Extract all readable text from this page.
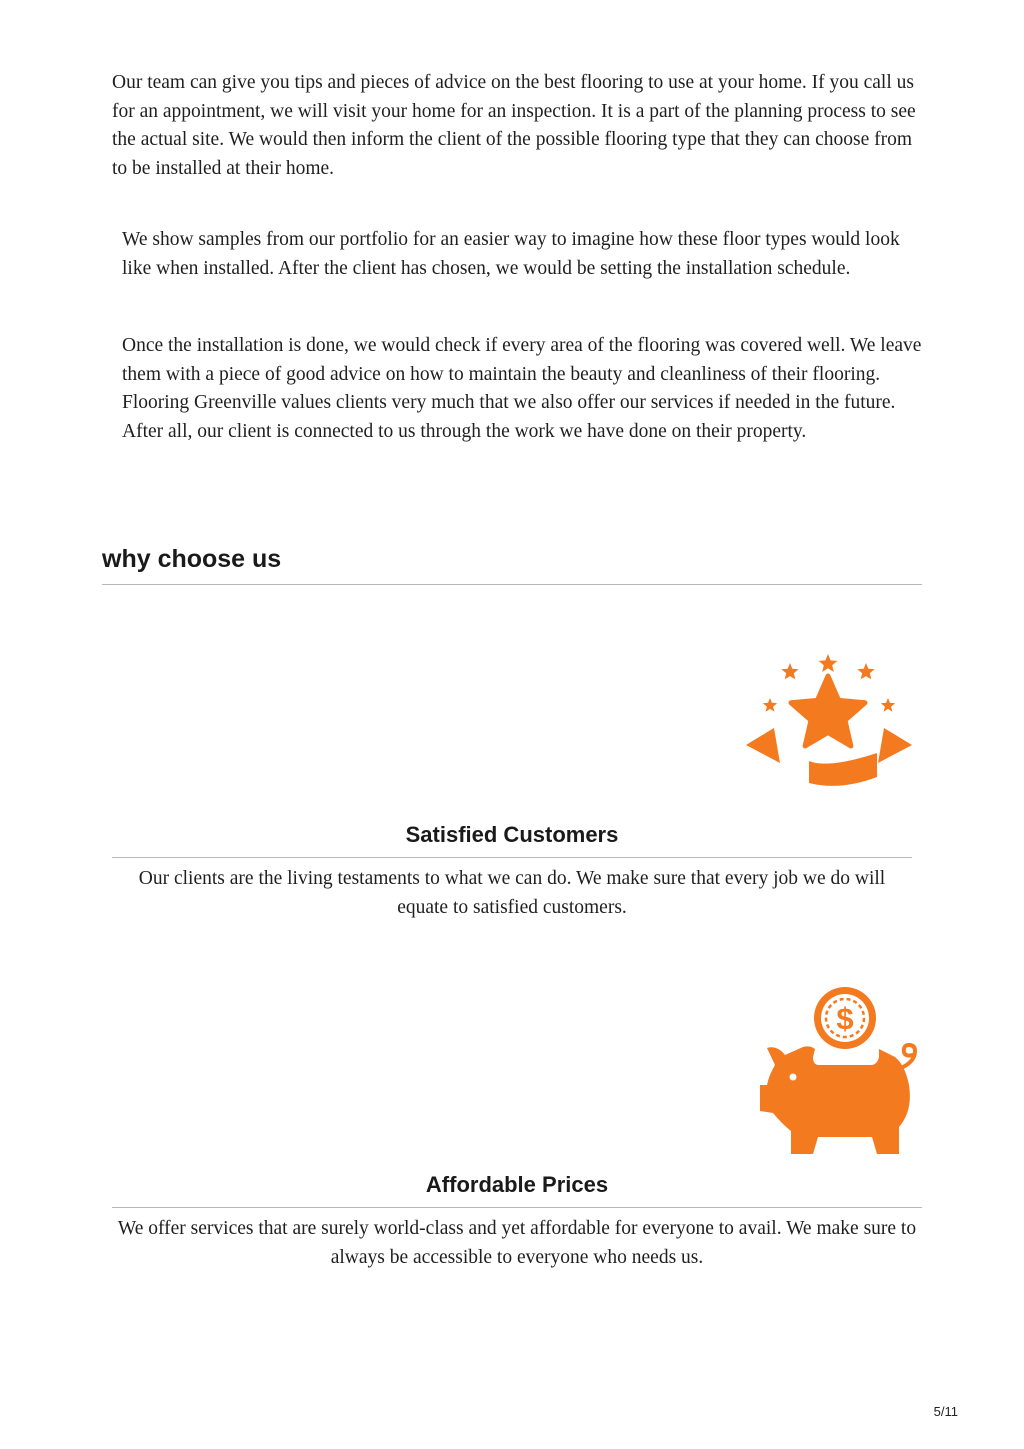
Our team can give you tips and pieces of advice on the best flooring to use at your home. If you call us for an appointment, we will visit your home for an inspection. It is a part of the planning process to see the actual site. We would then inform the client of the possible flooring type that they can choose from to be installed at their home.

We show samples from our portfolio for an easier way to imagine how these floor types would look like when installed. After the client has chosen, we would be setting the installation schedule.

Once the installation is done, we would check if every area of the flooring was covered well. We leave them with a piece of good advice on how to maintain the beauty and cleanliness of their flooring. Flooring Greenville values clients very much that we also offer our services if needed in the future. After all, our client is connected to us through the work we have done on their property.

why choose us

Satisfied Customers

Our clients are the living testaments to what we can do. We make sure that every job we do will equate to satisfied customers.

$

Affordable Prices

We offer services that are surely world-class and yet affordable for everyone to avail. We make sure to always be accessible to everyone who needs us.

5/11
